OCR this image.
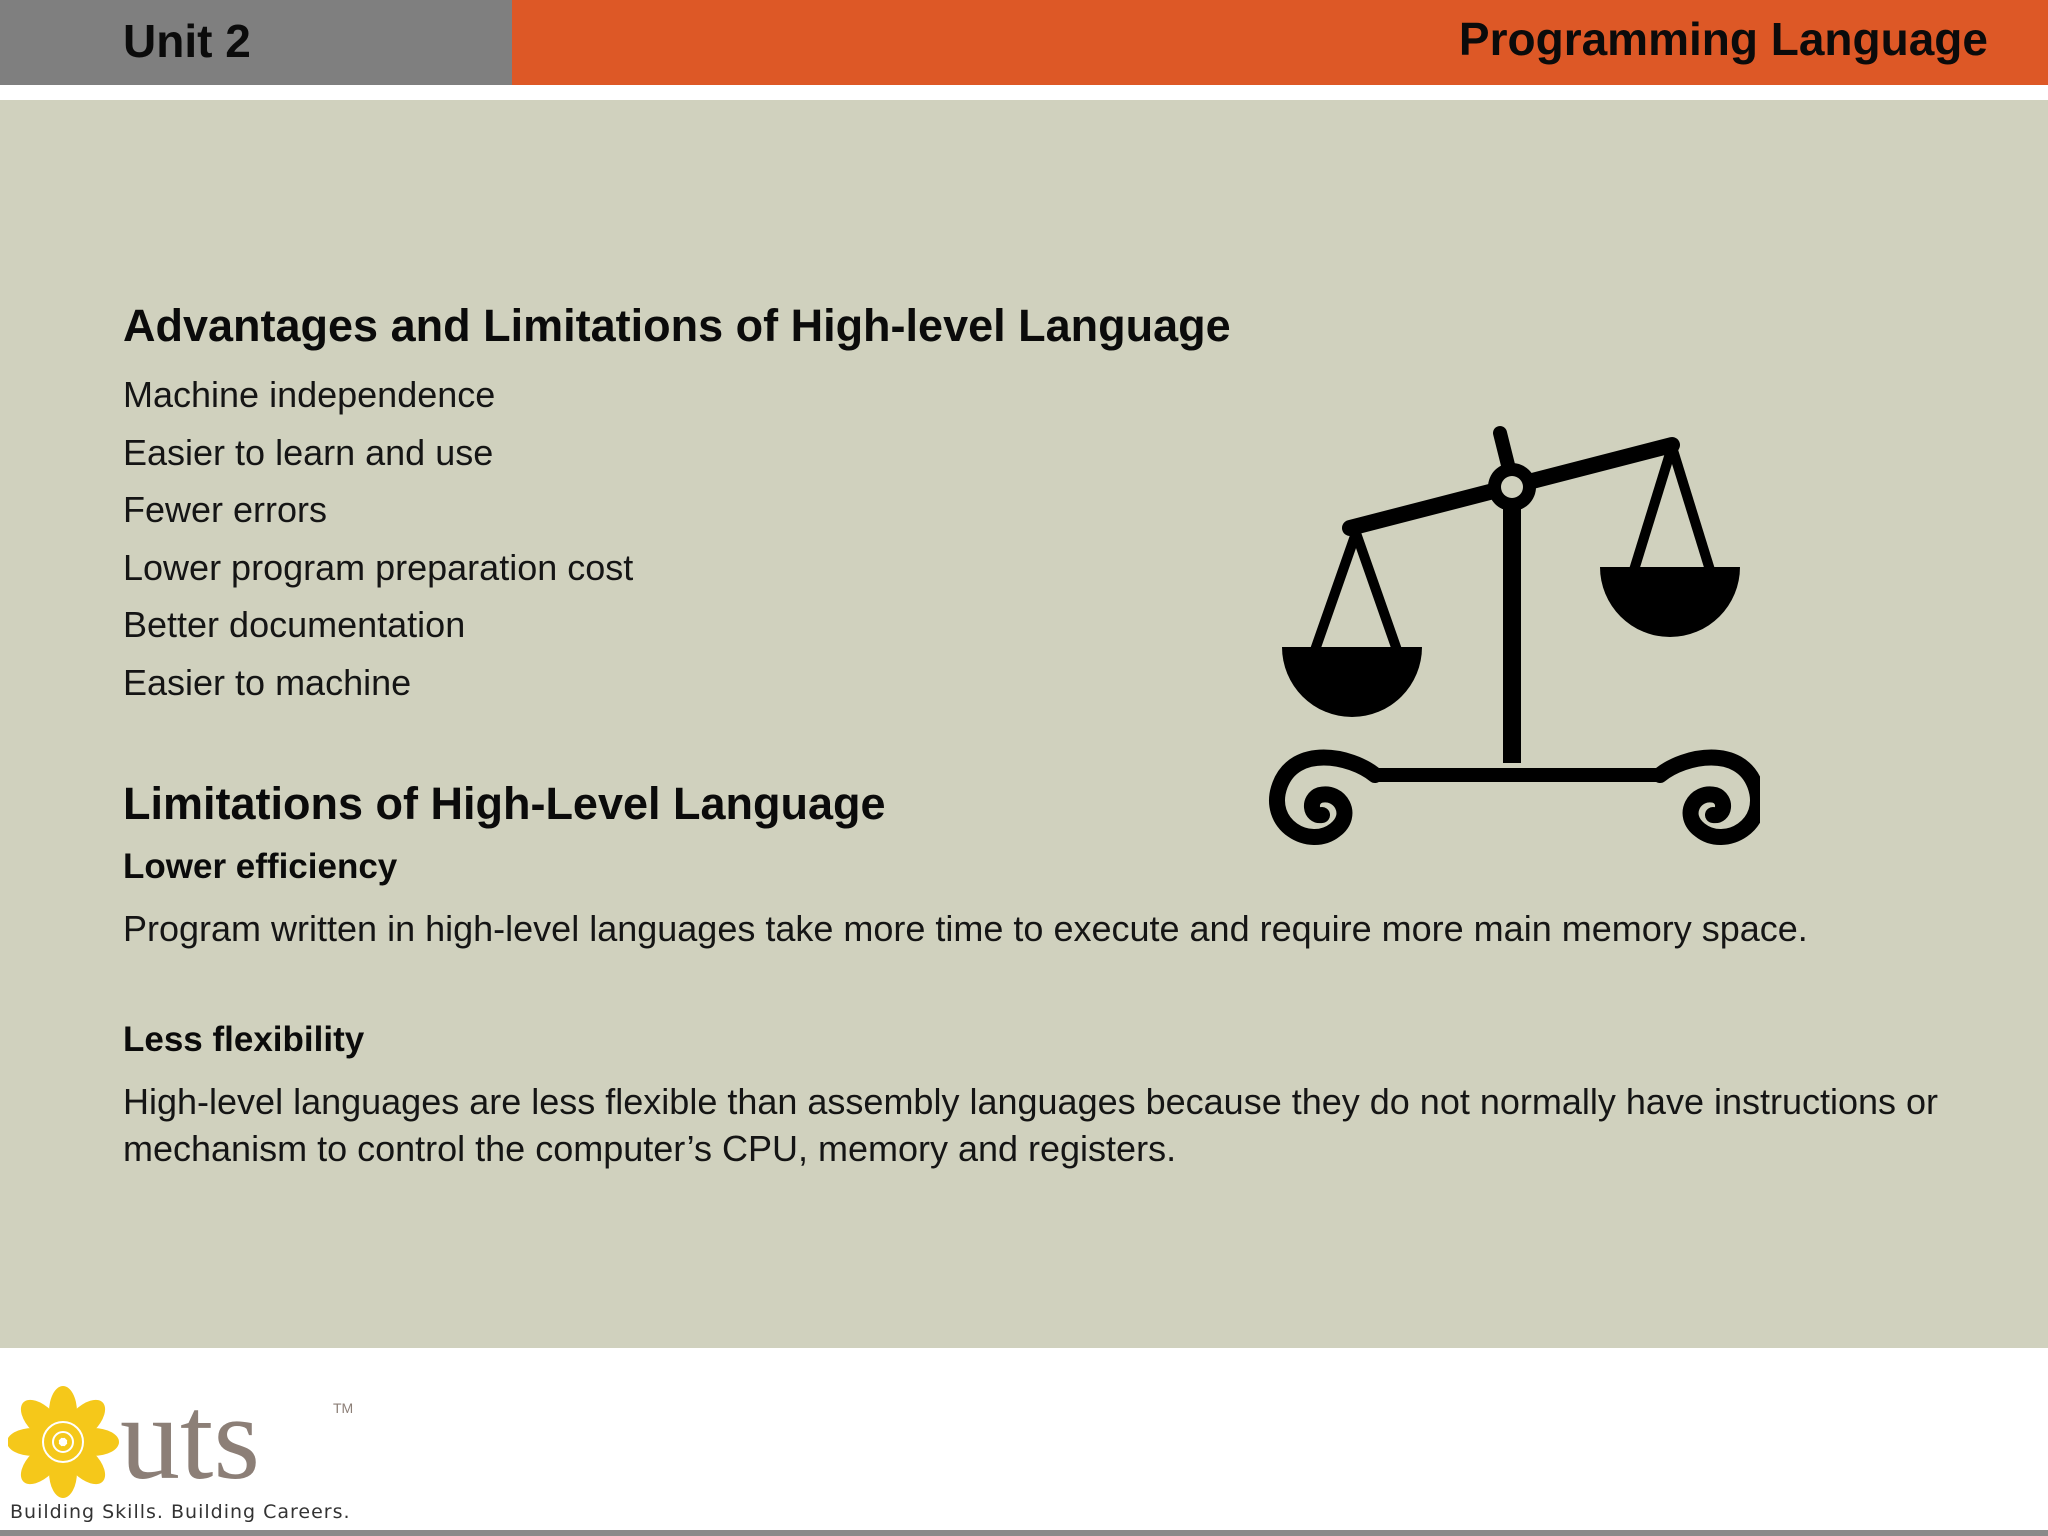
Unit 2	Programming Language
Advantages and Limitations of High-level Language
Machine independence
Easier to learn and use
Fewer errors
Lower program preparation cost
Better documentation
Easier to machine
Limitations of High-Level Language
Lower efficiency
Program written in high-level languages take more time to execute and require more main memory space.
Less flexibility
High-level languages are less flexible than assembly languages because they do not normally have instructions or mechanism to control the computer’s CPU, memory and registers.
uts	TM
Building Skills. Building Careers.
